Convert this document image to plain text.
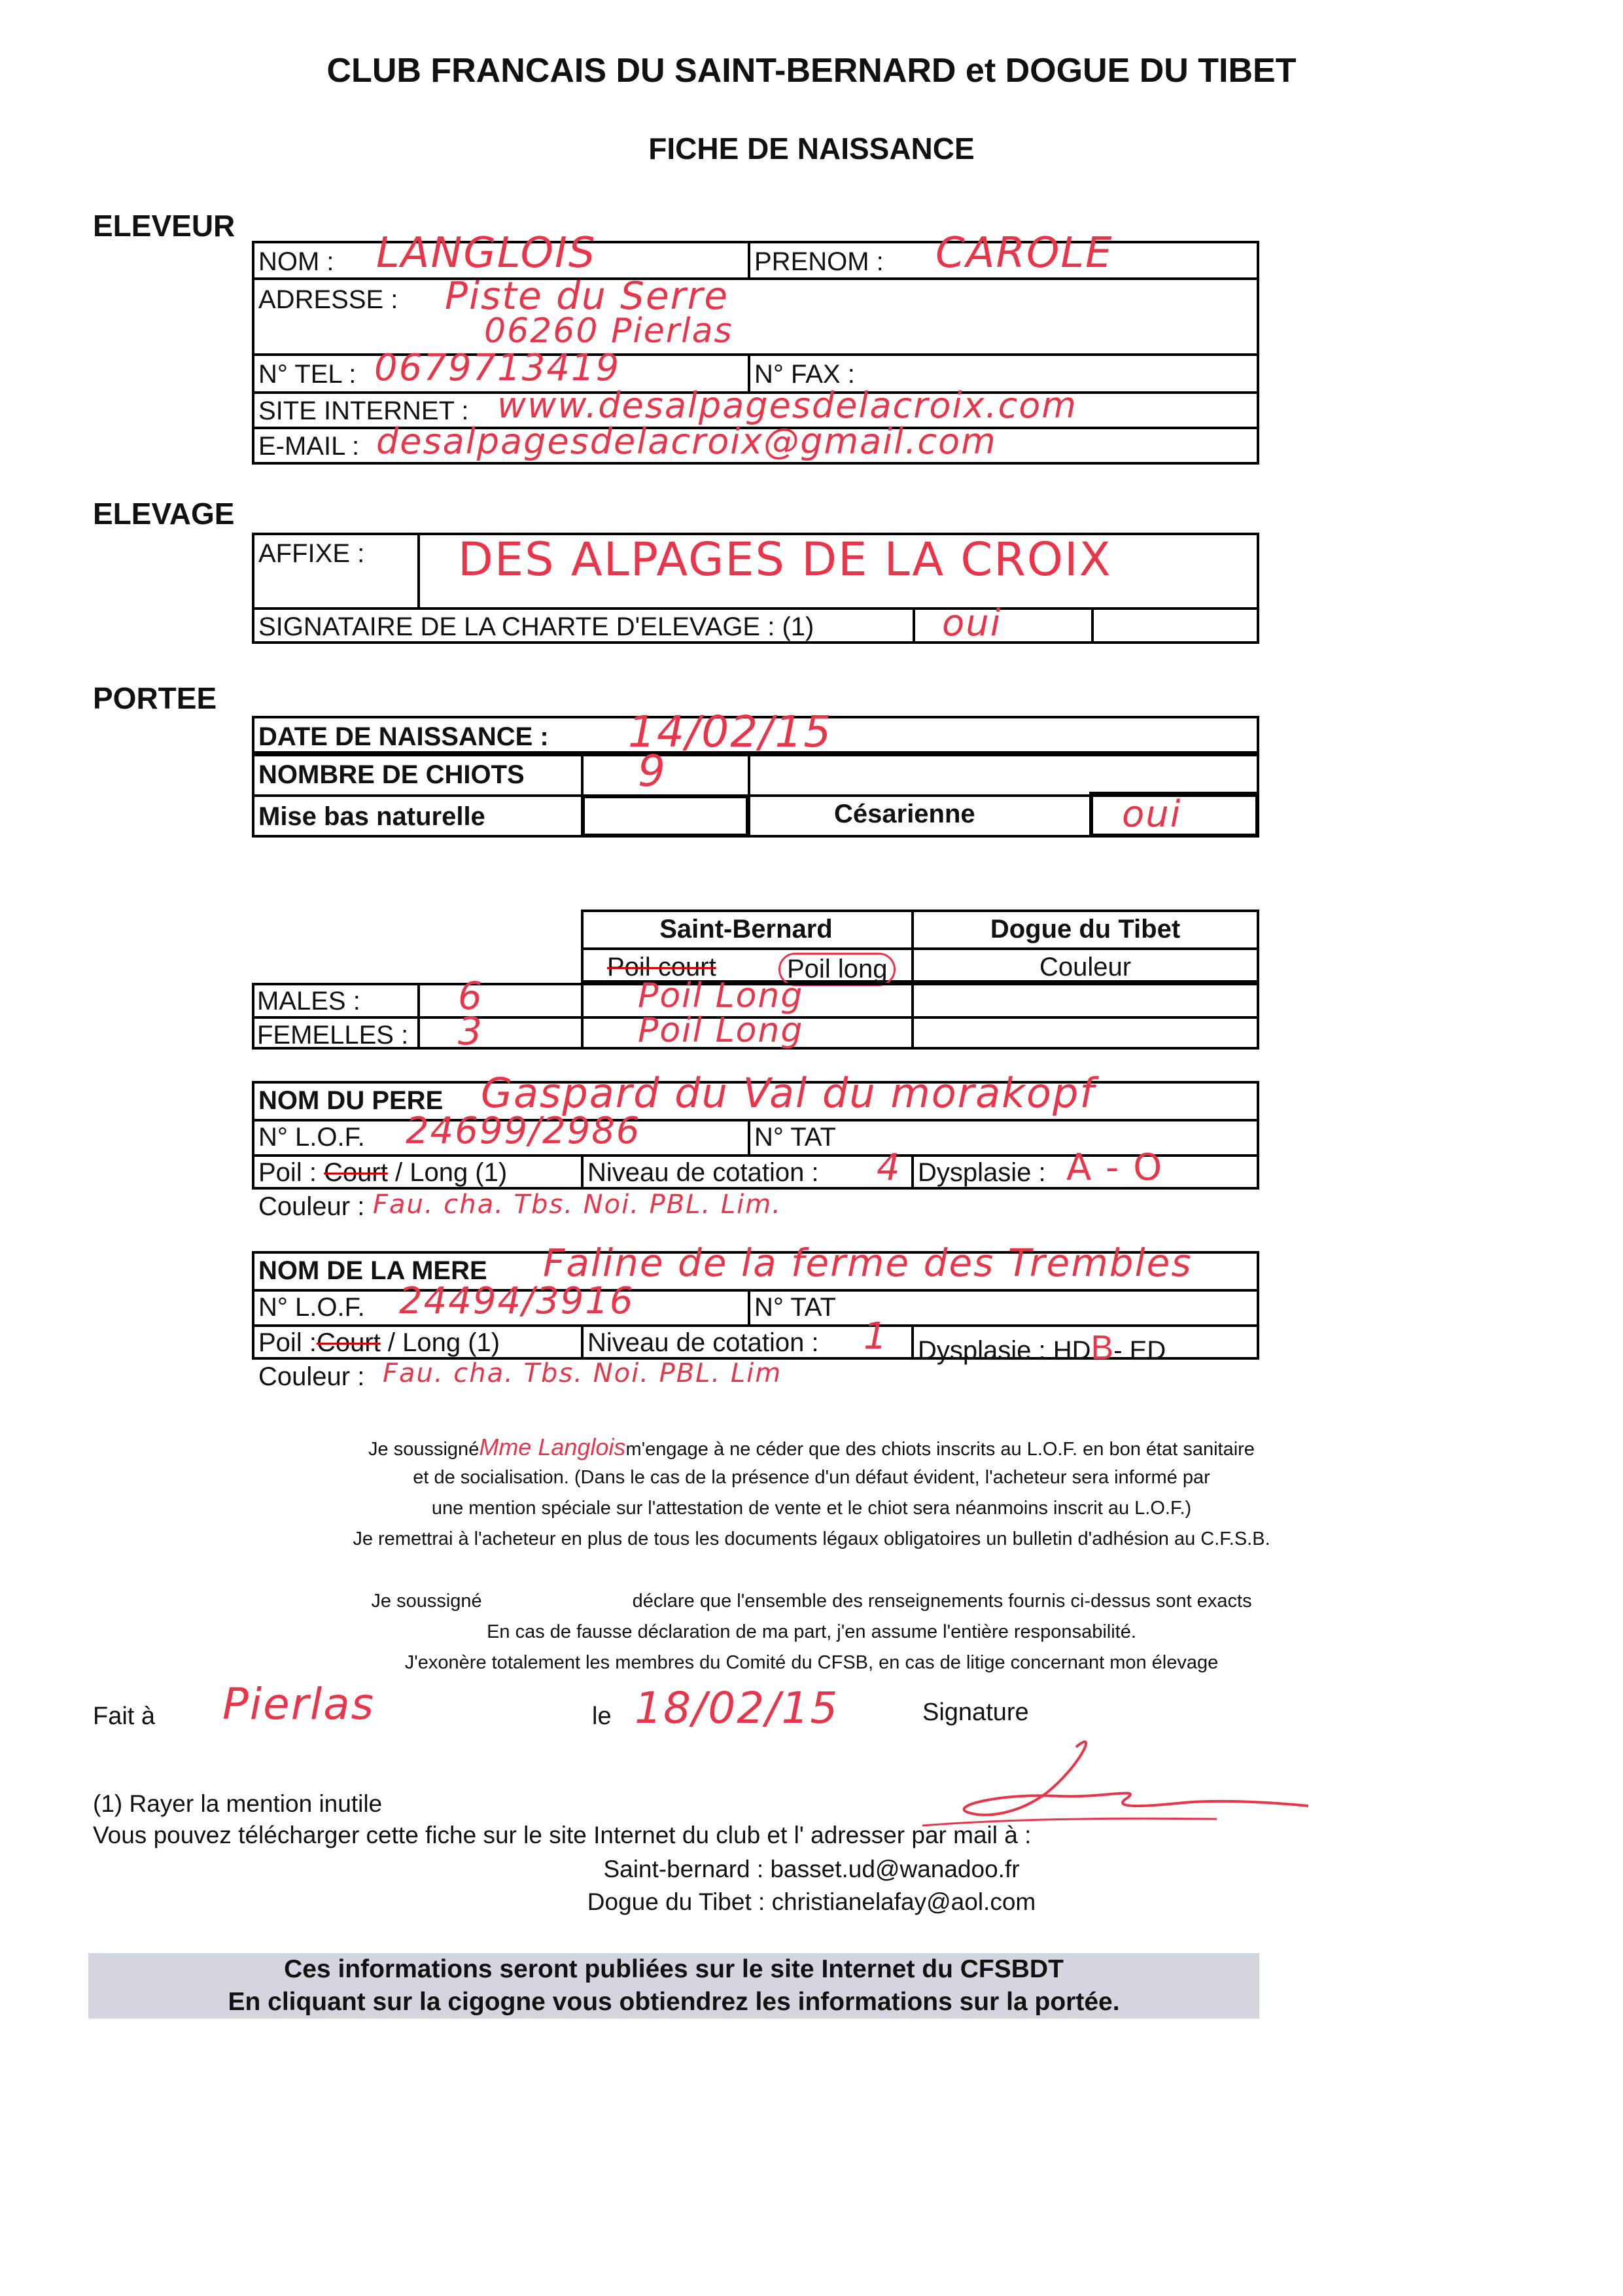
CLUB FRANCAIS DU SAINT-BERNARD et DOGUE DU TIBET
FICHE DE NAISSANCE
ELEVEUR
NOM : LANGLOIS	PRENOM : CAROLE
ADRESSE : Piste du Serre
06260 Pierlas
N° TEL : 0679713419	N° FAX :
SITE INTERNET : www.desalpagesdelacroix.com
E-MAIL : desalpagesdelacroix@gmail.com
ELEVAGE
AFFIXE : DES ALPAGES DE LA CROIX
SIGNATAIRE DE LA CHARTE D'ELEVAGE : (1)	oui
PORTEE
DATE DE NAISSANCE : 14/02/15
NOMBRE DE CHIOTS	9
Mise bas naturelle	Césarienne	oui
Saint-Bernard	Dogue du Tibet
Poil court	Poil long	Couleur
MALES :	6	Poil Long
FEMELLES : 3	Poil Long
NOM DU PERE Gaspard du Val du morakopf
N° L.O.F. 24699/2986	N° TAT
Poil : Court / Long (1)	Niveau de cotation : 4 Dysplasie : A - O
Couleur : Fau. cha. Tbs. Noi. PBL. Lim.
NOM DE LA MERE Faline de la ferme des Trembles
N° L.O.F. 24494/3916	N° TAT
Poil :Court / Long (1)	Niveau de cotation : 1 Dysplasie : HDB- ED
Couleur : Fau. cha. Tbs. Noi. PBL. Lim
Je soussignéMme Langloism'engage à ne céder que des chiots inscrits au L.O.F. en bon état sanitaire
et de socialisation. (Dans le cas de la présence d'un défaut évident, l'acheteur sera informé par
une mention spéciale sur l'attestation de vente et le chiot sera néanmoins inscrit au L.O.F.)
Je remettrai à l'acheteur en plus de tous les documents légaux obligatoires un bulletin d'adhésion au C.F.S.B.
Je soussigné	déclare que l'ensemble des renseignements fournis ci-dessus sont exacts
En cas de fausse déclaration de ma part, j'en assume l'entière responsabilité.
J'exonère totalement les membres du Comité du CFSB, en cas de litige concernant mon élevage
Fait à Pierlas	le 18/02/15	Signature
(1) Rayer la mention inutile
Vous pouvez télécharger cette fiche sur le site Internet du club et l' adresser par mail à :
Saint-bernard : basset.ud@wanadoo.fr
Dogue du Tibet : christianelafay@aol.com
Ces informations seront publiées sur le site Internet du CFSBDT
En cliquant sur la cigogne vous obtiendrez les informations sur la portée.
